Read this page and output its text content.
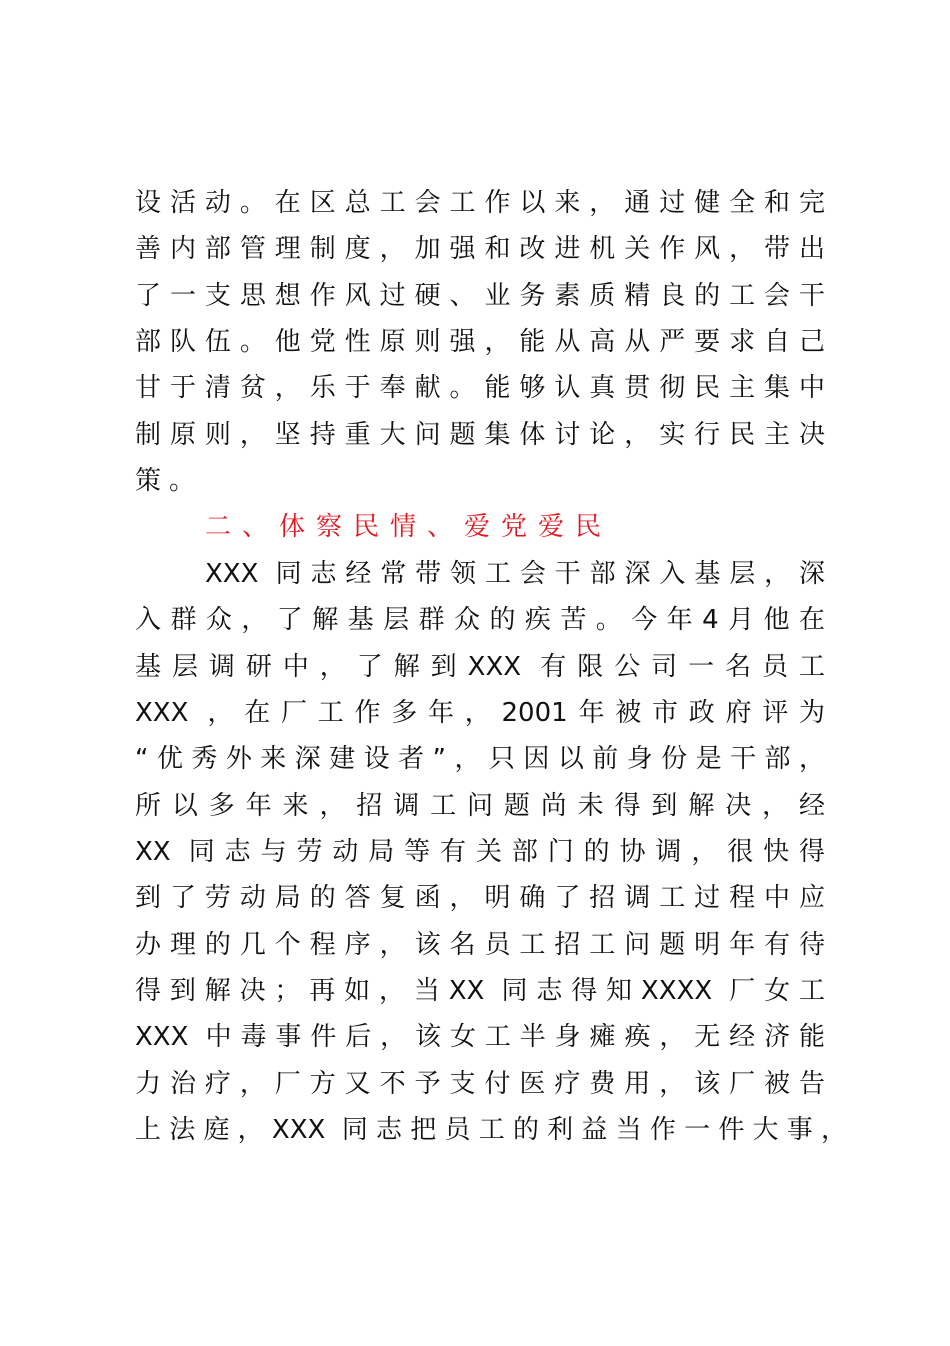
设活动。在区总工会工作以来，通过健全和完
善内部管理制度，加强和改进机关作风，带出
了一支思想作风过硬、业务素质精良的工会干
部队伍。他党性原则强，能从高从严要求自己
甘于清贫，乐于奉献。能够认真贯彻民主集中
制原则，坚持重大问题集体讨论，实行民主决
策。
二、体察民情、爱党爱民
XXX 同志经常带领工会干部深入基层，深
入群众，了解基层群众的疾苦。今年4月他在
基层调研中，了解到XXX 有限公司一名员工
XXX ，在厂工作多年，2001年被市政府评为
“优秀外来深建设者”，只因以前身份是干部，
所以多年来，招调工问题尚未得到解决，经
XX 同志与劳动局等有关部门的协调，很快得
到了劳动局的答复函，明确了招调工过程中应
办理的几个程序，该名员工招工问题明年有待
得到解决；再如，当XX 同志得知XXXX 厂女工
XXX 中毒事件后，该女工半身瘫痪，无经济能
力治疗，厂方又不予支付医疗费用，该厂被告
上法庭，XXX 同志把员工的利益当作一件大事，
